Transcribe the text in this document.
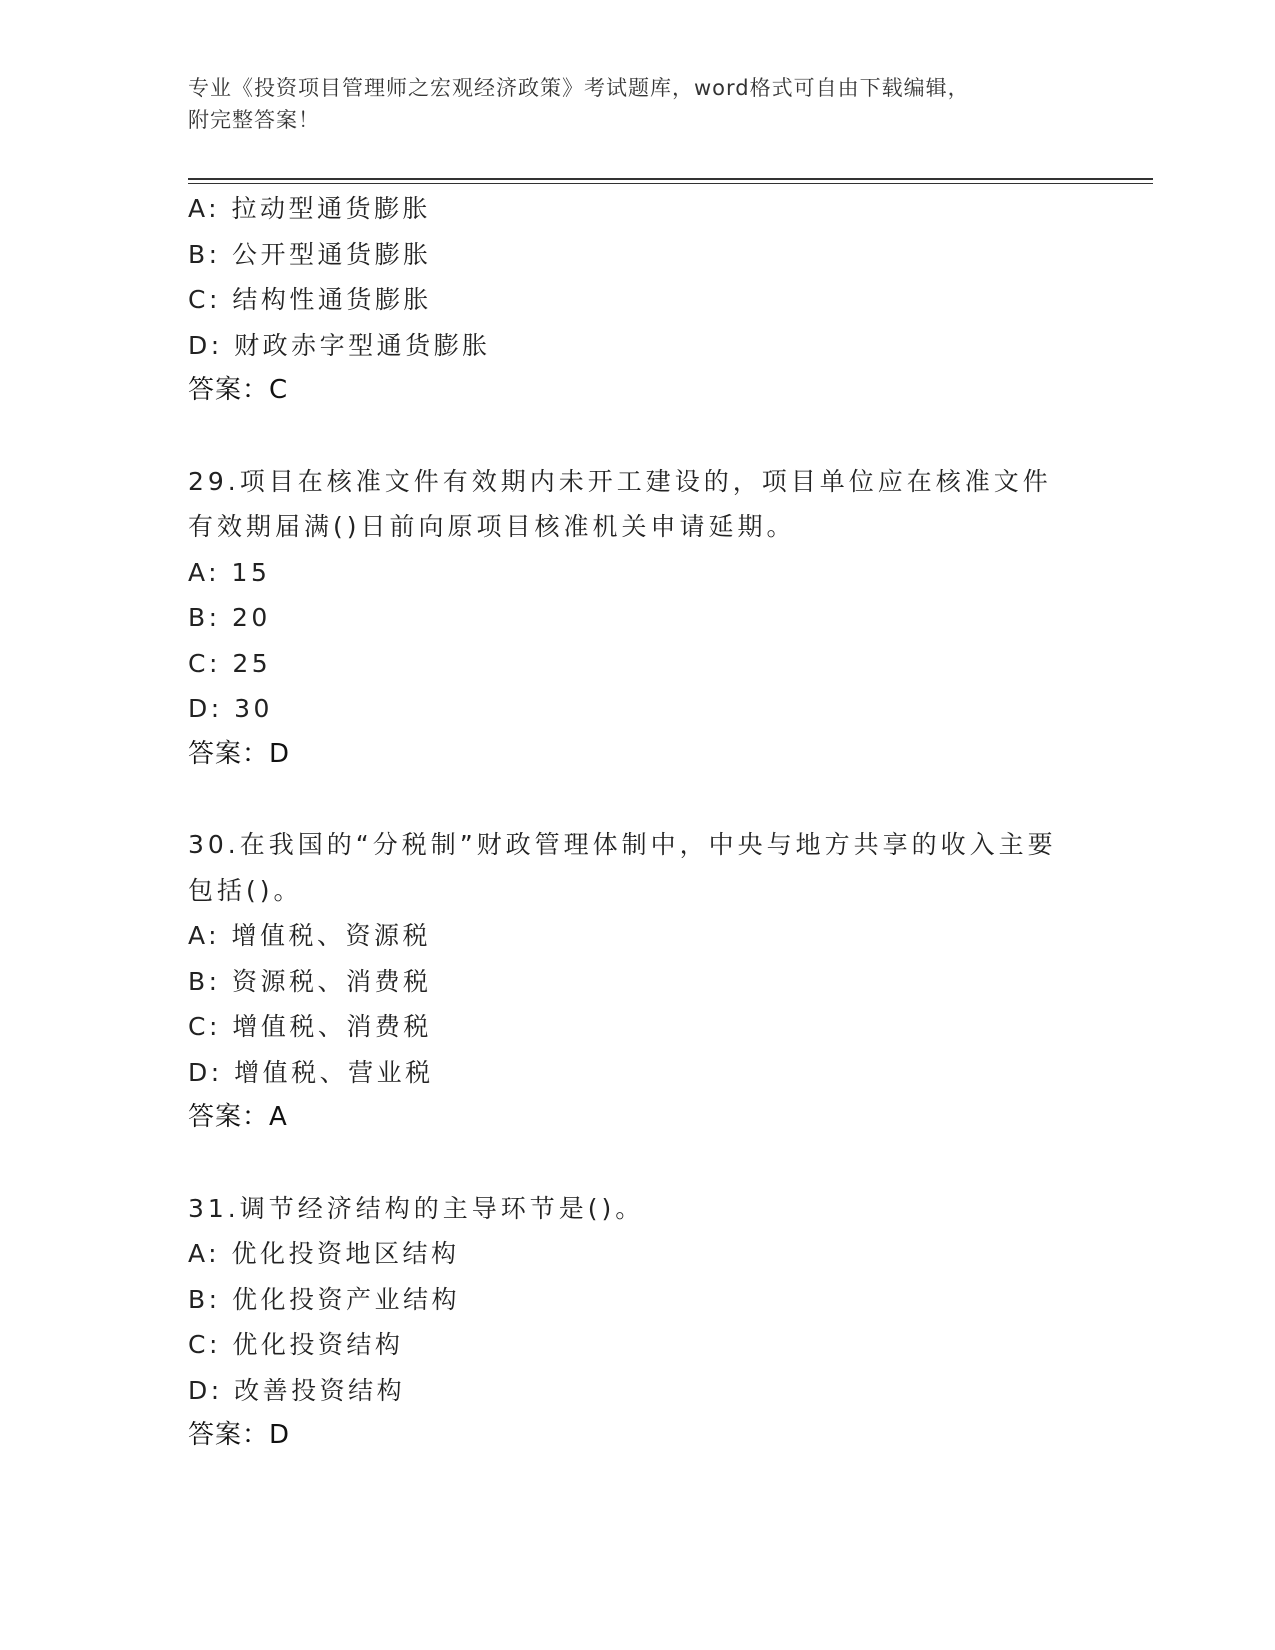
专业《投资项目管理师之宏观经济政策》考试题库，word格式可自由下载编辑，
附完整答案！
A: 拉动型通货膨胀
B: 公开型通货膨胀
C: 结构性通货膨胀
D: 财政赤字型通货膨胀
答案：C
29.项目在核准文件有效期内未开工建设的，项目单位应在核准文件有效期届满()日前向原项目核准机关申请延期。
A: 15
B: 20
C: 25
D: 30
答案：D
30.在我国的“分税制”财政管理体制中，中央与地方共享的收入主要包括()。
A: 增值税、资源税
B: 资源税、消费税
C: 增值税、消费税
D: 增值税、营业税
答案：A
31.调节经济结构的主导环节是()。
A: 优化投资地区结构
B: 优化投资产业结构
C: 优化投资结构
D: 改善投资结构
答案：D
